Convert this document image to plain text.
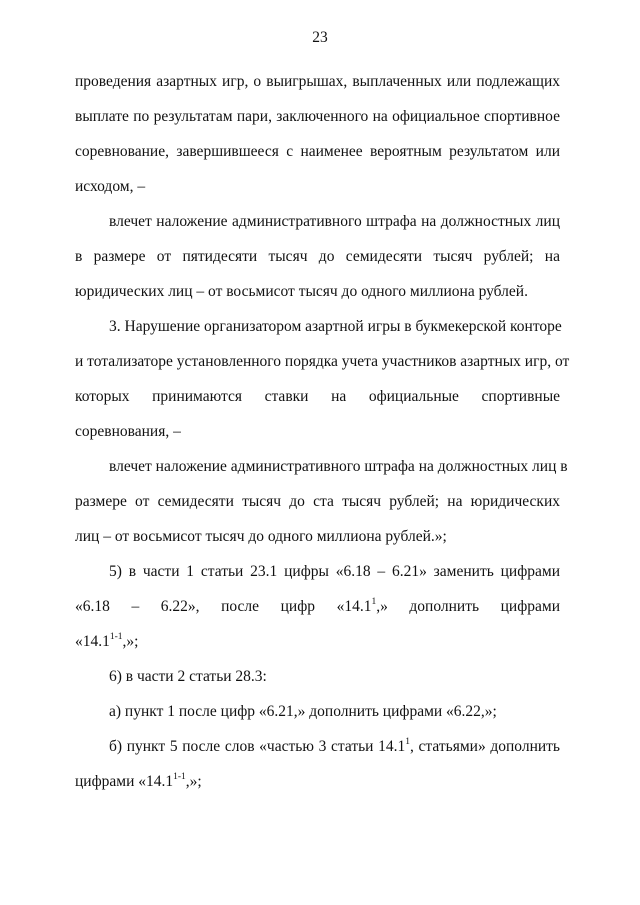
23
проведения азартных игр, о выигрышах, выплаченных или подлежащих
выплате по результатам пари, заключенного на официальное спортивное
соревнование, завершившееся с наименее вероятным результатом или
исходом, –
влечет наложение административного штрафа на должностных лиц
в размере от пятидесяти тысяч до семидесяти тысяч рублей; на
юридических лиц – от восьмисот тысяч до одного миллиона рублей.
3. Нарушение организатором азартной игры в букмекерской конторе
и тотализаторе установленного порядка учета участников азартных игр, от
которых принимаются ставки на официальные спортивные
соревнования, –
влечет наложение административного штрафа на должностных лиц в
размере от семидесяти тысяч до ста тысяч рублей; на юридических
лиц – от восьмисот тысяч до одного миллиона рублей.»;
5) в части 1 статьи 23.1 цифры «6.18 – 6.21» заменить цифрами
«6.18 – 6.22», после цифр «14.1$^1$,» дополнить цифрами
«14.1$^{1-1}$,»;
6) в части 2 статьи 28.3:
а) пункт 1 после цифр «6.21,» дополнить цифрами «6.22,»;
б) пункт 5 после слов «частью 3 статьи 14.1$^1$, статьями» дополнить
цифрами «14.1$^{1-1}$,»;
